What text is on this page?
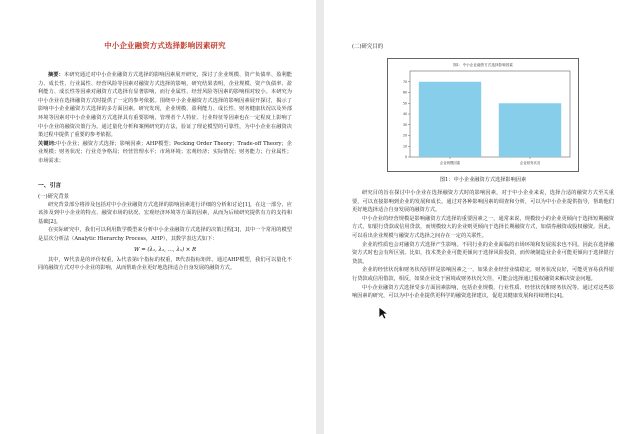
中小企业融资方式选择影响因素研究

摘要：本研究通过对中小企业融资方式选择的影响因素展开研究，探讨了企业规模、资产负债率、盈利能力、成长性、行业属性、经营风险等因素对融资方式选择的影响，研究结果表明，企业规模、资产负债率、盈利能力、成长性等因素对融资方式选择有显著影响，而行业属性、经营风险等因素的影响相对较小。本研究为中小企业在选择融资方式时提供了一定的参考依据。围绕中小企业融资方式选择的影响因素展开探讨，揭示了影响中小企业融资方式选择的多方面因素。研究发现，企业规模、盈利能力、成长性、财务健康状况以及外部环境等因素对中小企业融资方式选择具有重要影响，管理者个人特征、行业特征等因素也在一定程度上影响了中小企业的融资决策行为。通过量化分析和案例研究的方法，验证了理论模型的可靠性，为中小企业在融资决策过程中提供了重要的参考依据。

关键词:中小企业；融资方式选择；影响因素；AHP模型；Pecking Order Theory；Trade-off Theory；企业规模；财务状况；行业竞争格局；经营管理水平；市场环境；宏观经济；实际情况；财务能力；行业属性；市场需求；

一、引言
(一)研究背景

研究背景部分将涉及包括对中小企业融资方式选择的影响因素进行详细的分析和讨论[1]，在这一部分，应该涉及到中小企业的特点、融资市场的状况、宏观经济环境等方面的因素，从而为后续研究提供有力的支持和基础[2]。

在实际研究中，我们可以利用数学模型来分析中小企业融资方式选择的决策过程[3]，其中一个常用的模型是层次分析法（Analytic Hierarchy Process，AHP），其数学表达式如下：

W = (λ₁, λ₂, …, λₙ) × R

其中，W代表是的评价权重，λᵢ代表第i个指标的权重，R代表指标矩阵。通过AHP模型，我们可以量化不同的融资方式对中小企业的影响，从而帮助企业更好地选择适合自身发展的融资方式。

(二)研究目的
图1：中小企业融资方式选择影响因素
0
10
20
30
40
50
60
70
企业规模因素	企业财务状况
图1：中小企业融资方式选择影响因素

研究目的旨在探讨中小企业在选择融资方式时的影响因素，对于中小企业来说，选择合适的融资方式至关重要，可以直接影响到企业的发展和成长。通过对各种影响因素的调查和分析，可以为中小企业提供指导，帮助他们更好地选择适合自身发展的融资方式。

中小企业的经营规模是影响融资方式选择的重要因素之一，通常来说，规模较小的企业更倾向于选择短期融资方式，如银行贷款或信用贷款，而规模较大的企业则更倾向于选择长期融资方式，如债券融资或股权融资。因此，可以看出企业规模与融资方式选择之间存在一定的关联性。

企业的性质也会对融资方式选择产生影响。不同行业的企业面临的市场环境和发展需求也不同。因此在选择融资方式时也会有所区别。比如，技术类企业可能更倾向于选择风险投资，而传统制造业企业可能更倾向于选择银行贷款。

企业的经营状况和财务状况同样是影响因素之一，如果企业经营业绩稳定，财务状况良好，可能更容易获得银行贷款或信用借款，相反，如果企业处于困境或财务状况欠佳，可能会选择通过股权融资来解决资金问题。

中小企业融资方式选择受多方面因素影响，包括企业规模、行业性质、经营状况和财务状况等。通过对这些影响因素的研究，可以为中小企业提供更科学的融资选择建议，促进其健康发展和持续增长[4]。
